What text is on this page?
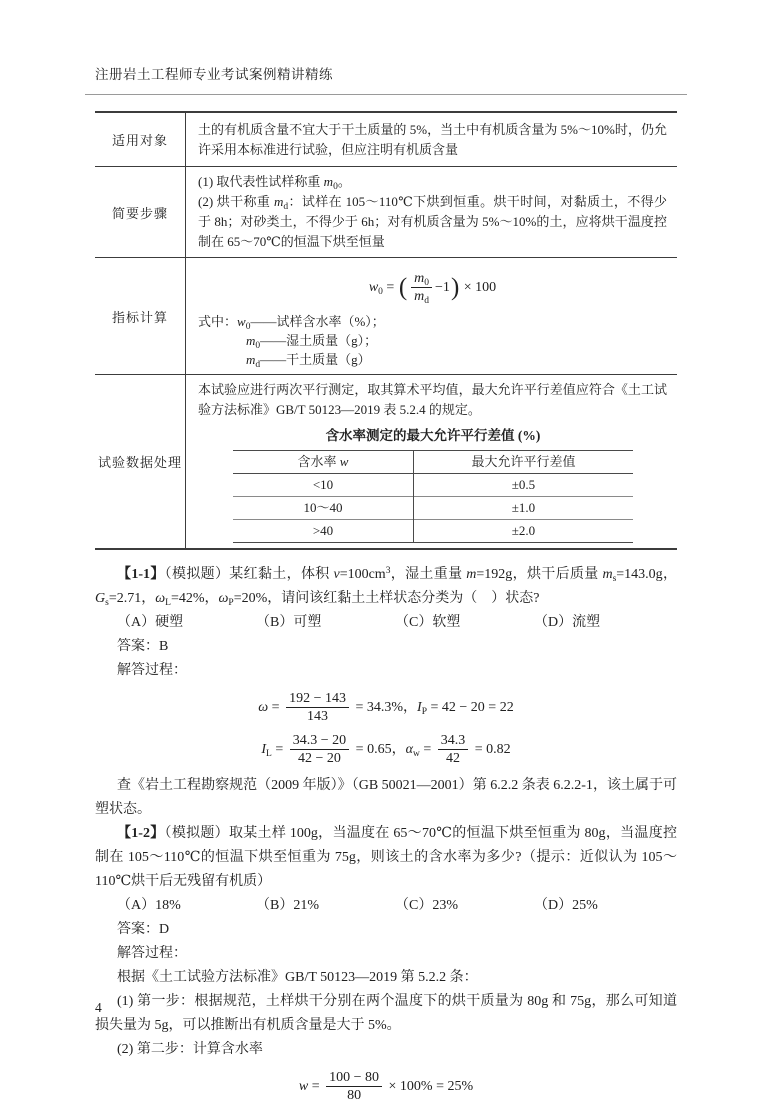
注册岩土工程师专业考试案例精讲精练
适用对象	
土的有机质含量不宜大于干土质量的 5%，当土中有机质含量为 5%～10%时，仍允许采用本标准进行试验，但应注明有机质含量

简要步骤	
(1) 取代表性试样称重 $m_0$。
(2) 烘干称重 $m_d$：试样在 105～110℃下烘到恒重。烘干时间，对黏质土，不得少于 8h；对砂类土，不得少于 6h；对有机质含量为 5%～10%的土，应将烘干温度控制在 65～70℃的恒温下烘至恒量

指标计算	
$w_0$ = ( $\frac{m_0}{m_d} -1$ ) × 100
式中：$w_0——$试样含水率（%）；
$m_0——$湿土质量（g）；
$m_d——$干土质量（g）

试验数据处理	
本试验应进行两次平行测定，取其算术平均值，最大允许平行差值应符合《土工试验方法标准》GB/T 50123—2019 表 5.2.4 的规定。
含水率测定的最大允许平行差值 (%)
含水率 w	最大允许平行差值
<10	±0.5
10～40	±1.0
>40	±2.0
【1-1】（模拟题）某红黏土，体积 $v=100cm^3$，湿土重量 m=192g，烘干后质量 $m_s=143.0g$，$G_s=2.71$，$\omega_L=42\%$，$\omega_P=20\%$，请问该红黏土土样状态分类为（　）状态?
（A）硬塑	（B）可塑	（C）软塑	（D）流塑
答案：B
解答过程：
$\omega = \frac{192 - 143}{143} = 34.3\%$， $I_P = 42 - 20 = 22$
$I_L = \frac{34.3 - 20}{42 - 20} = 0.65$， $\alpha_w = \frac{34.3}{42} = 0.82$
查《岩土工程勘察规范（2009 年版）》（GB 50021—2001）第 6.2.2 条表 6.2.2-1，该土属于可塑状态。
【1-2】（模拟题）取某土样 100g，当温度在 65～70℃的恒温下烘至恒重为 80g，当温度控制在 105～110℃的恒温下烘至恒重为 75g，则该土的含水率为多少?（提示：近似认为 105～110℃烘干后无残留有机质）
（A）18%	（B）21%	（C）23%	（D）25%
答案：D
解答过程：
根据《土工试验方法标准》GB/T 50123—2019 第 5.2.2 条：
(1) 第一步：根据规范，土样烘干分别在两个温度下的烘干质量为 80g 和 75g，那么可知道损失量为 5g，可以推断出有机质含量是大于 5%。
(2) 第二步：计算含水率
$w = \frac{100 - 80}{80} \times 100\% = 25\%$
4
